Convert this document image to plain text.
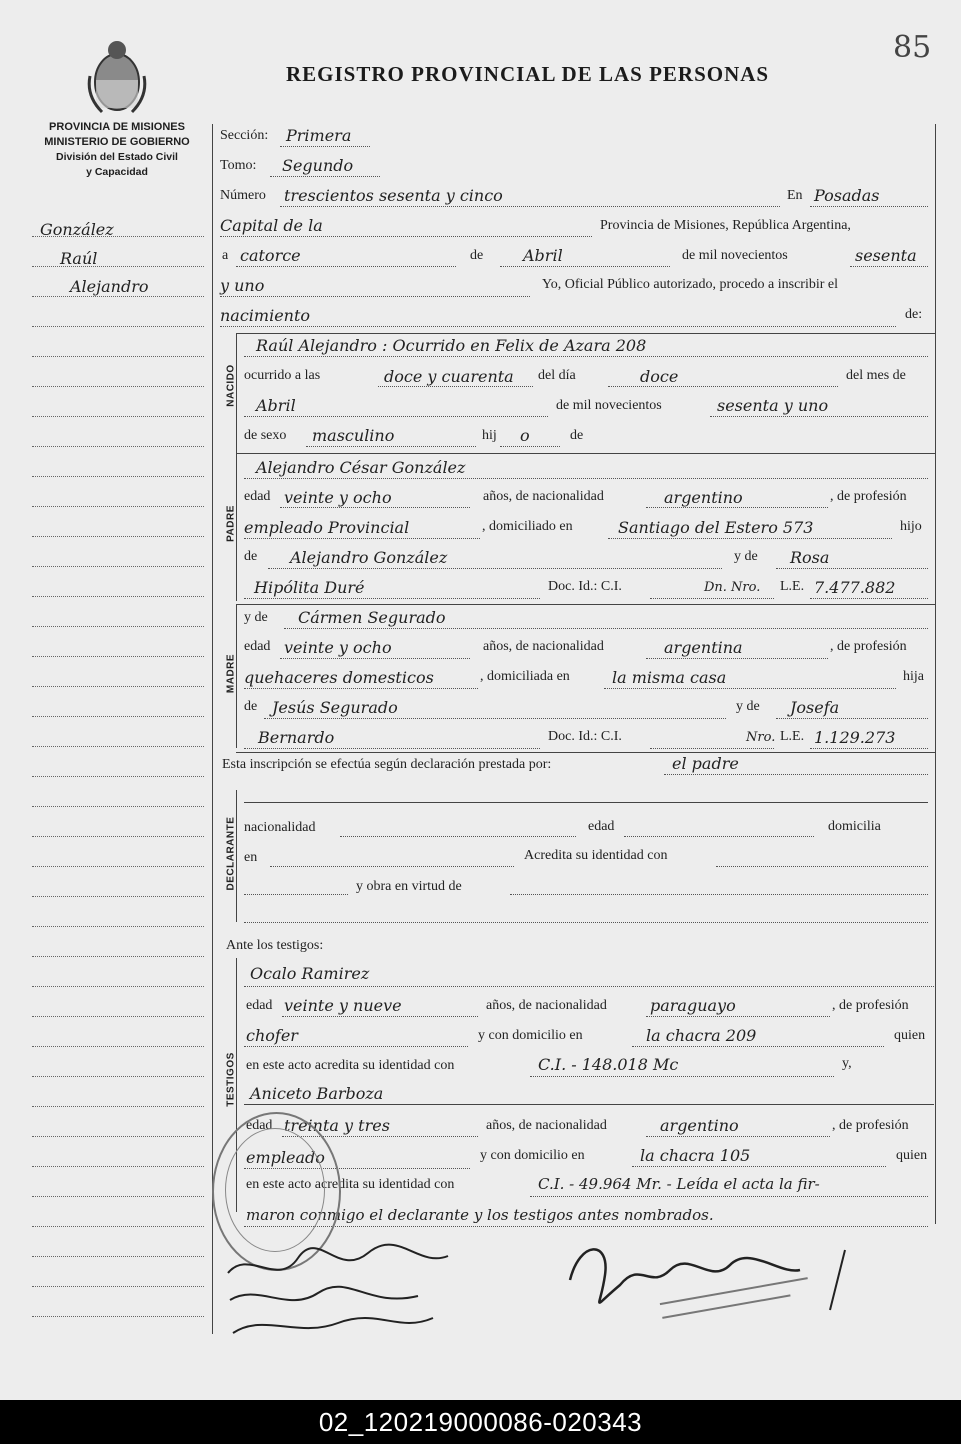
REGISTRO PROVINCIAL DE LAS PERSONAS
85
PROVINCIA DE MISIONES
MINISTERIO DE GOBIERNO
División del Estado Civil
y Capacidad
González
Raúl
Alejandro
Sección: Primera
Tomo: Segundo
Número trescientos sesenta y cinco	En Posadas
Capital de la	Provincia de Misiones, República Argentina,
a catorce	de Abril	de mil novecientos	sesenta
y uno	Yo, Oficial Público autorizado, procedo a inscribir el
nacimiento	de:
NACIDO
Raúl Alejandro : Ocurrido en Felix de Azara 208
ocurrido a las	doce y cuarenta del día	doce	del mes de
Abril	de mil novecientos	sesenta y uno
de sexo masculino	hij o	de
PADRE
Alejandro César González
edad veinte y ocho	años, de nacionalidad	argentino	, de profesión
empleado Provincial	, domiciliado en	Santiago del Estero 573	hijo
de Alejandro González	y de Rosa
Hipólita Duré	Doc. Id.: C.I.	Dn. Nro. L.E. 7.477.882
MADRE
y de Cármen Segurado
edad veinte y ocho	años, de nacionalidad	argentina	, de profesión
quehaceres domesticos	, domiciliada en	la misma casa	hija
de Jesús Segurado	y de Josefa
Bernardo	Doc. Id.: C.I.	Nro. L.E. 1.129.273
Esta inscripción se efectúa según declaración prestada por:	el padre
DECLARANTE nacionalidad	edad	domicilia
en	Acredita su identidad con
y obra en virtud de
Ante los testigos:
TESTIGOS
Ocalo Ramirez
edad veinte y nueve	años, de nacionalidad	paraguayo	, de profesión
chofer	y con domicilio en	la chacra 209	quien
en este acto acredita su identidad con	C.I. - 148.018 Mc	y,
Aniceto Barboza
edad treinta y tres	años, de nacionalidad	argentino	, de profesión
empleado	y con domicilio en	la chacra 105	quien
en este acto acredita su identidad con	C.I. - 49.964 Mr. - Leída el acta la fir-
maron conmigo el declarante y los testigos antes nombrados.
02_120219000086-020343
